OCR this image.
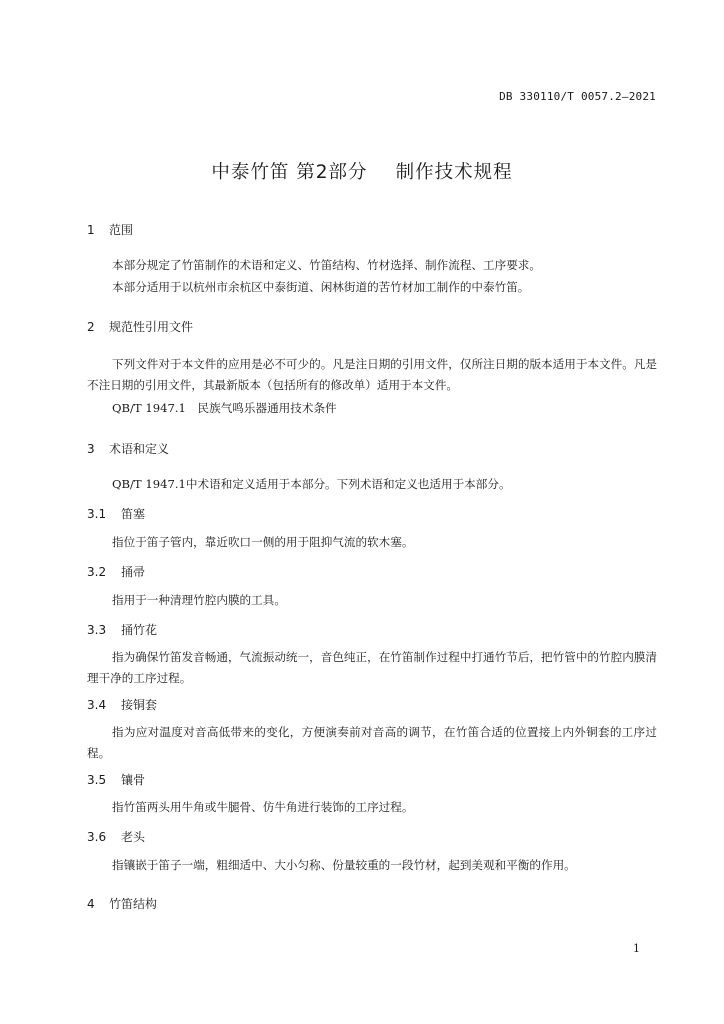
DB 330110/T 0057.2—2021
中泰竹笛 第2部分 制作技术规程
1 范围
本部分规定了竹笛制作的术语和定义、竹笛结构、竹材选择、制作流程、工序要求。
本部分适用于以杭州市余杭区中泰街道、闲林街道的苦竹材加工制作的中泰竹笛。
2 规范性引用文件
下列文件对于本文件的应用是必不可少的。凡是注日期的引用文件，仅所注日期的版本适用于本文件。凡是不注日期的引用文件，其最新版本（包括所有的修改单）适用于本文件。
QB/T 1947.1　民族气鸣乐器通用技术条件
3 术语和定义
QB/T 1947.1中术语和定义适用于本部分。下列术语和定义也适用于本部分。
3.1 笛塞
指位于笛子管内，靠近吹口一侧的用于阻抑气流的软木塞。
3.2 捅帚
指用于一种清理竹腔内膜的工具。
3.3 捅竹花
指为确保竹笛发音畅通，气流振动统一，音色纯正，在竹笛制作过程中打通竹节后，把竹管中的竹腔内膜清理干净的工序过程。
3.4 接铜套
指为应对温度对音高低带来的变化，方便演奏前对音高的调节，在竹笛合适的位置接上内外铜套的工序过程。
3.5 镶骨
指竹笛两头用牛角或牛腿骨、仿牛角进行装饰的工序过程。
3.6 老头
指镶嵌于笛子一端，粗细适中、大小匀称、份量较重的一段竹材，起到美观和平衡的作用。
4 竹笛结构
1
